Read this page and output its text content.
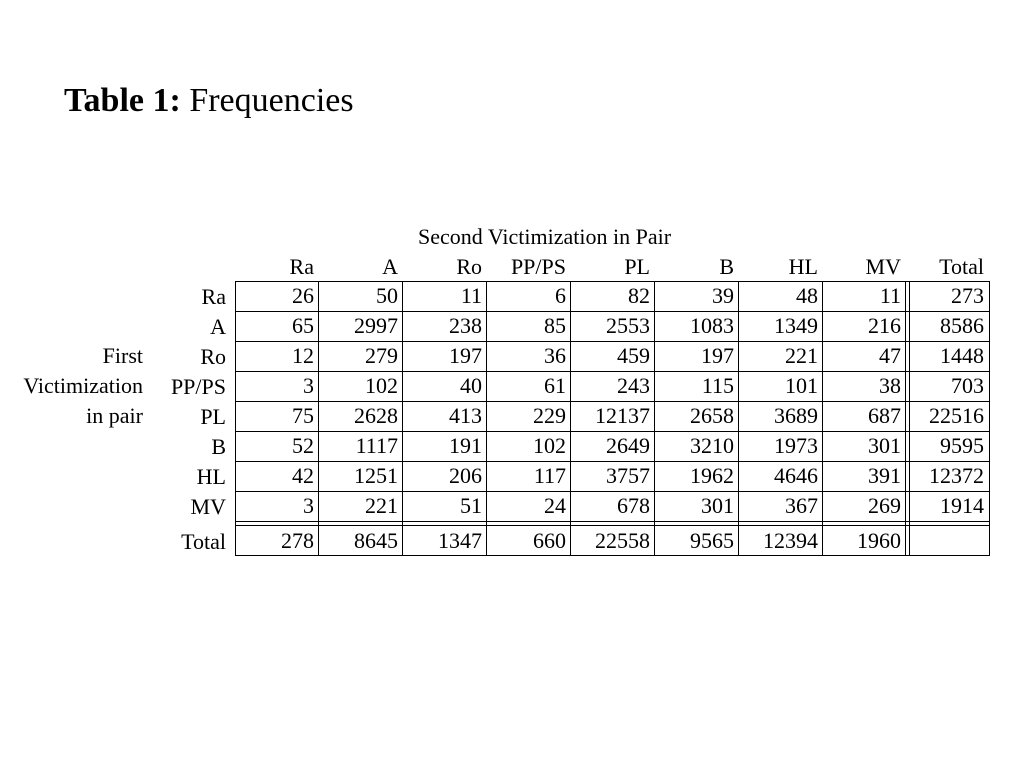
Table 1: Frequencies
Second Victimization in Pair
First
Victimization
in pair
Ra	A	Ro	PP/PS	PL	B	HL	MV	Total
Ra	26	50	11	6	82	39	48	11	273
A	65	2997	238	85	2553	1083	1349	216	8586
Ro	12	279	197	36	459	197	221	47	1448
PP/PS	3	102	40	61	243	115	101	38	703
PL	75	2628	413	229	12137	2658	3689	687	22516
B	52	1117	191	102	2649	3210	1973	301	9595
HL	42	1251	206	117	3757	1962	4646	391	12372
MV	3	221	51	24	678	301	367	269	1914
Total	278	8645	1347	660	22558	9565	12394	1960
